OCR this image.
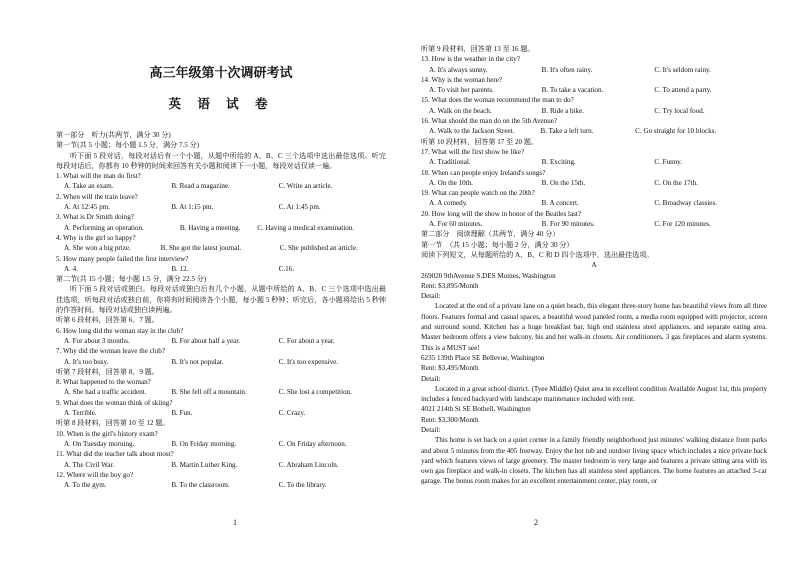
高三年级第十次调研考试
英 语 试 卷
第一部分　听力(共两节，满分 30 分)
第一节(共 5 小题；每小题 1.5 分，满分 7.5 分)
听下面 5 段对话，每段对话后有一个小题，从题中所给的 A、B、C 三个选项中选出最佳选项。听完每段对话后，你都有 10 秒钟的时间来回答有关小题和阅读下一小题，每段对话仅读一遍。
1. What will the man do first?
A. Take an exam.	B. Read a magazine.	C. Write an article.
2. When will the train leave?
A. At 12:45 pm.	B. At 1:15 pm.	C. At 1:45 pm.
3. What is Dr Smith doing?
A. Performing an operation.	B. Having a meeting.	C. Having a medical examination.
4. Why is the girl so happy?
A. She won a big prize.	B. She got the latest journal.	C. She published an article.
5. How many people failed the first interview?
A. 4.	B. 12.	C.16.
第二节(共 15 小题；每小题 1.5 分，满分 22.5 分)
听下面 5 段对话或独白。每段对话或独白后有几个小题，从题中所给的 A、B、C 三个选项中选出最佳选项，听每段对话或独白前，你将有时间阅读各个小题，每小题 5 秒钟；听完后，各小题将给出 5 秒钟的作答时间。每段对话或独白读两遍。
听第 6 段材料，回答第 6、7 题。
6. How long did the woman stay in the club?
A. For about 3 months.	B. For about half a year.	C. For about a year.
7. Why did the woman leave the club?
A. It's too busy.	B. It's not popular.	C. It's too expensive.
听第 7 段材料，回答第 8、9 题。
8. What happened to the woman?
A. She had a traffic accident.	B. She fell off a mountain.	C. She lost a competition.
9. What does the woman think of skiing?
A. Terrible.	B. Fun.	C. Crazy.
听第 8 段材料，回答第 10 至 12 题。
10. When is the girl's history exam?
A. On Tuesday morning.	B. On Friday morning.	C. On Friday afternoon.
11. What did the teacher talk about most?
A. The Civil War.	B. Martin Luther King.	C. Abraham Lincoln.
12. Where will the boy go?
A. To the gym.	B. To the classroom.	C. To the library.
1
听第 9 段材料，回答第 13 至 16 题。
13. How is the weather in the city?
A. It's always sunny.	B. It's often rainy.	C. It's seldom rainy.
14. Why is the woman here?
A. To visit her parents.	B. To take a vacation.	C. To attend a party.
15. What does the woman recommend the man to do?
A. Walk on the beach.	B. Ride a bike.	C. Try local food.
16. What should the man do on the 5th Avenue?
A. Walk to the Jackson Street.	B. Take a left turn.	C. Go straight for 10 blocks.
听第 10 段材料，回答第 17 至 20 题。
17. What will the first show be like?
A. Traditional.	B. Exciting.	C. Funny.
18. When can people enjoy Ireland's songs?
A. On the 10th.	B. On the 15th.	C. On the 17th.
19. What can people watch on the 20th?
A. A comedy.	B. A concert.	C. Broadway classies.
20. How long will the show in honor of the Beatles last?
A. For 60 minutes.	B. For 90 minutes.	C. For 120 minutes.
第二部分　阅读理解（共两节，满分 40 分）
第一节　（共 15 小题；每小题 2 分，满分 30 分）
阅读下列短文，从每题所给的 A、B、C 和 D 四个选项中，选出最佳选项。
A
269020 9thAvenue S.DES Moines, Washington
Rent: $3,895/Month
Detail:
Located at the end of a private lane on a quiet beach, this elegant three-story home has beautiful views from all three floors. Features formal and casual spaces, a beautiful wood paneled room, a media room equipped with projector, screen and surround sound. Kitchen has a huge breakfast bar, high end stainless steel appliances, and separate eating area. Master bedroom offers a view balcony, his and her walk-in closets. Air conditioners, 3 gas fireplaces and alarm systems. This is a MUST see!
6235 139th Place SE Bellevue, Washington
Rent: $3,495/Month
Detail:
Located in a great school district. (Tyee Middle) Quiet area in excellent condition Available August 1st, this property includes a fenced backyard with landscape maintenance included with rent.
4021 214th St SE Bothell, Washington
Rent: $3,300/Month
Detail:
This home is set back on a quiet corner in a family friendly neighborhood just minutes' walking distance from parks and about 5 minutes from the 405 freeway. Enjoy the hot tub and outdoor living space which includes a nice private back yard which features views of large greenery. The master bedroom is very large and features a private sitting area with its own gas fireplace and walk-in closets. The kitchen has all stainless steel appliances. The home features an attached 3-car garage. The bonus room makes for an excellent entertainment center, play room, or
2
